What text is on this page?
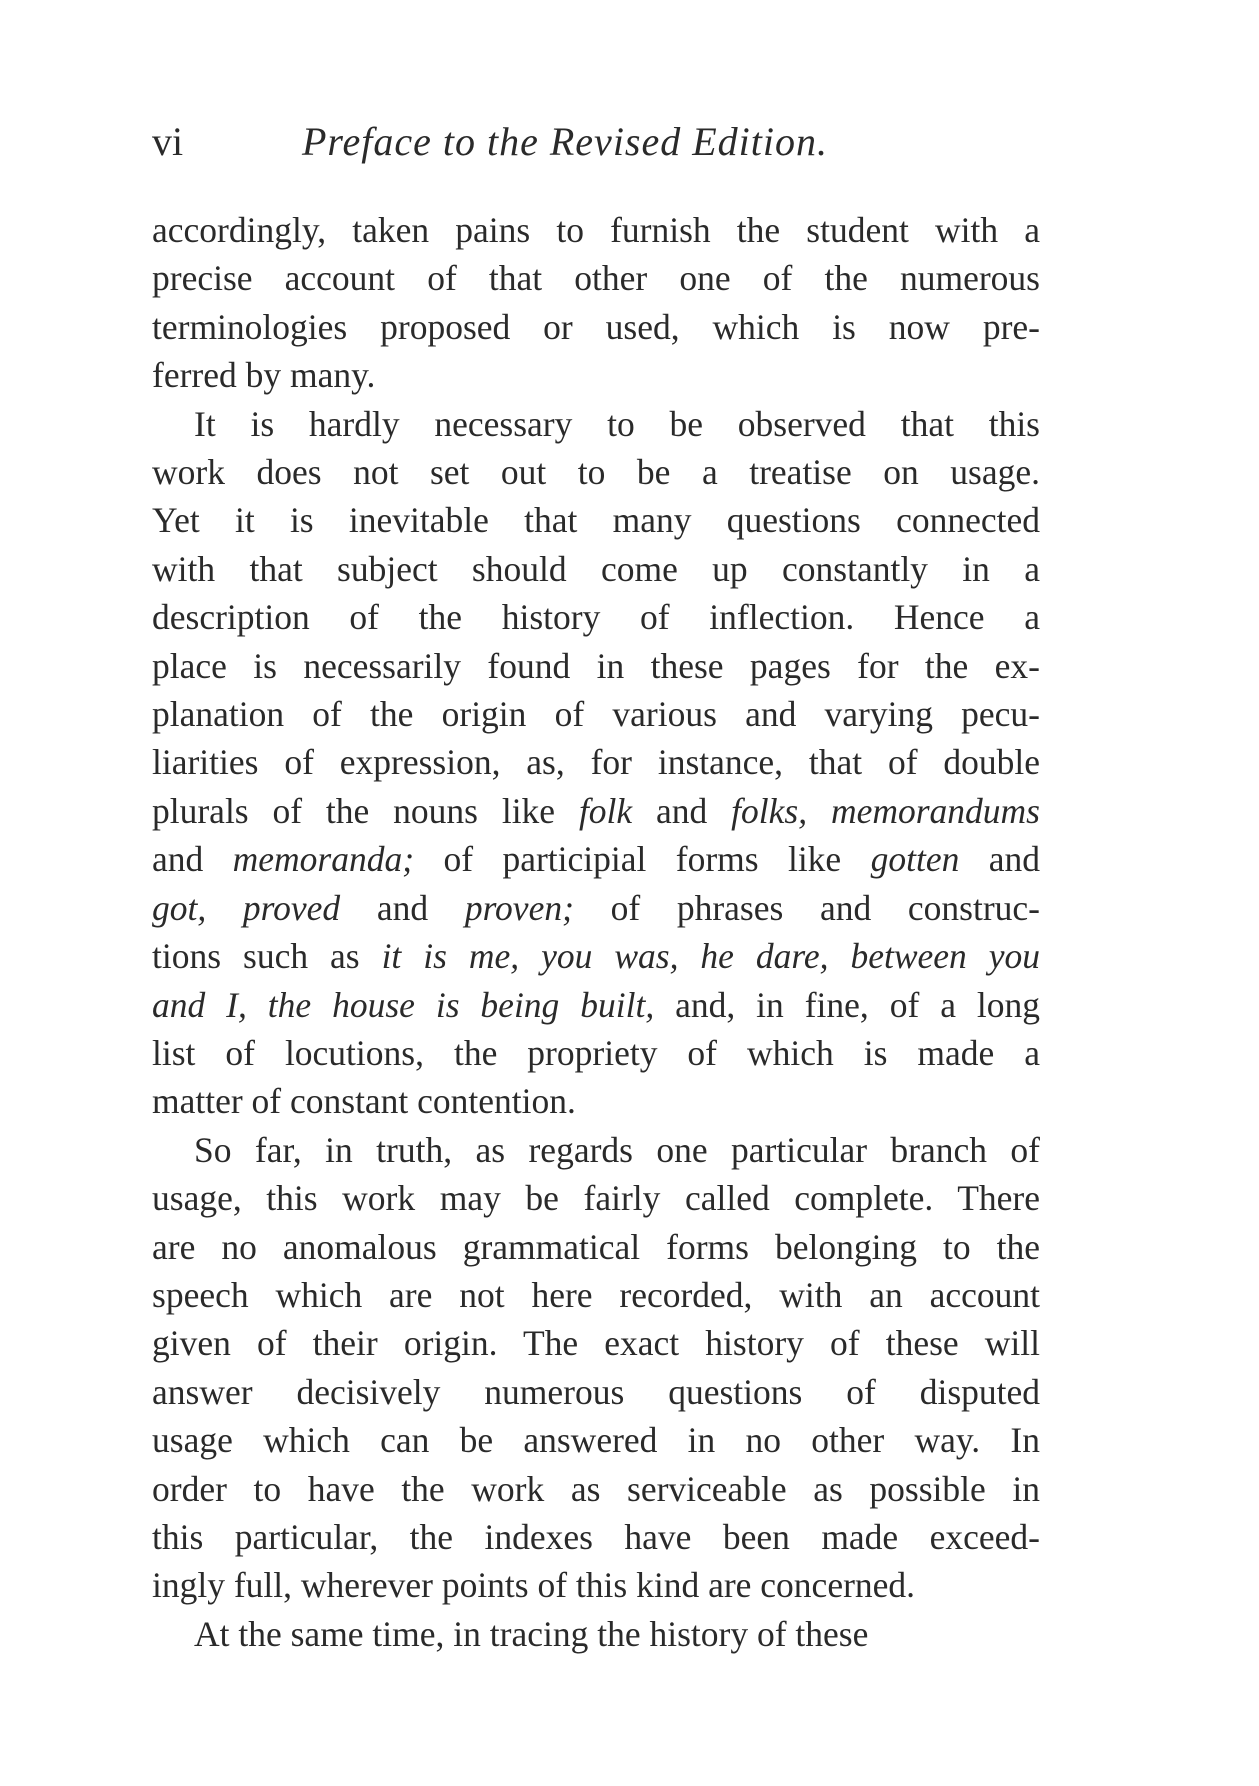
vi	Preface to the Revised Edition.

accordingly, taken pains to furnish the student with a
precise account of that other one of the numerous
terminologies proposed or used, which is now pre-
ferred by many.

It is hardly necessary to be observed that this
work does not set out to be a treatise on usage.
Yet it is inevitable that many questions connected
with that subject should come up constantly in a
description of the history of inflection. Hence a
place is necessarily found in these pages for the ex-
planation of the origin of various and varying pecu-
liarities of expression, as, for instance, that of double
plurals of the nouns like folk and folks, memorandums
and memoranda; of participial forms like gotten and
got, proved and proven; of phrases and construc-
tions such as it is me, you was, he dare, between you
and I, the house is being built, and, in fine, of a long
list of locutions, the propriety of which is made a
matter of constant contention.

So far, in truth, as regards one particular branch of
usage, this work may be fairly called complete. There
are no anomalous grammatical forms belonging to the
speech which are not here recorded, with an account
given of their origin. The exact history of these will
answer decisively numerous questions of disputed
usage which can be answered in no other way. In
order to have the work as serviceable as possible in
this particular, the indexes have been made exceed-
ingly full, wherever points of this kind are concerned.

At the same time, in tracing the history of these
